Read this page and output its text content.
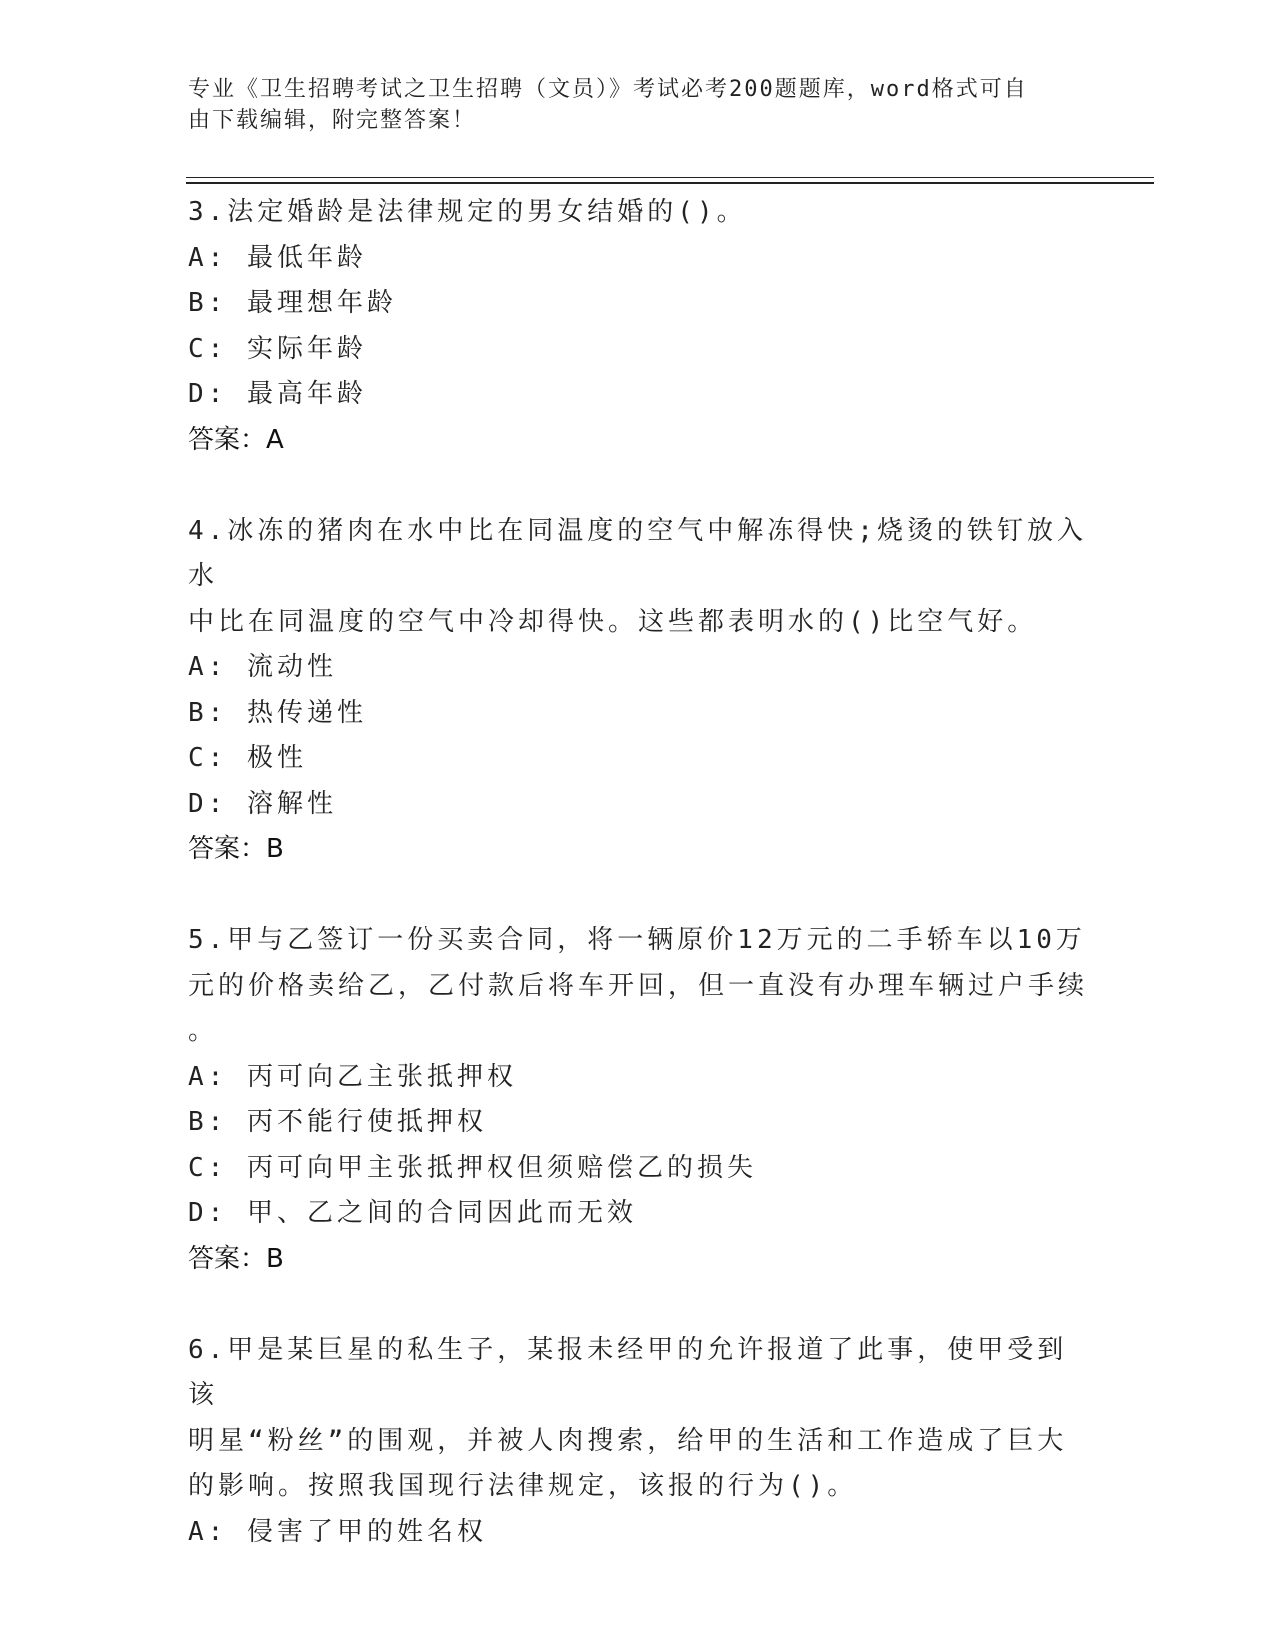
专业《卫生招聘考试之卫生招聘（文员）》考试必考200题题库，word格式可自
由下载编辑，附完整答案！

3.法定婚龄是法律规定的男女结婚的()。

A: 最低年龄

B: 最理想年龄

C: 实际年龄

D: 最高年龄

答案：A

4.冰冻的猪肉在水中比在同温度的空气中解冻得快;烧烫的铁钉放入水

中比在同温度的空气中冷却得快。这些都表明水的()比空气好。

A: 流动性

B: 热传递性

C: 极性

D: 溶解性

答案：B

5.甲与乙签订一份买卖合同，将一辆原价12万元的二手轿车以10万

元的价格卖给乙，乙付款后将车开回，但一直没有办理车辆过户手续

。

A: 丙可向乙主张抵押权

B: 丙不能行使抵押权

C: 丙可向甲主张抵押权但须赔偿乙的损失

D: 甲、乙之间的合同因此而无效

答案：B

6.甲是某巨星的私生子，某报未经甲的允许报道了此事，使甲受到该

明星“粉丝”的围观，并被人肉搜索，给甲的生活和工作造成了巨大

的影响。按照我国现行法律规定，该报的行为()。

A: 侵害了甲的姓名权
